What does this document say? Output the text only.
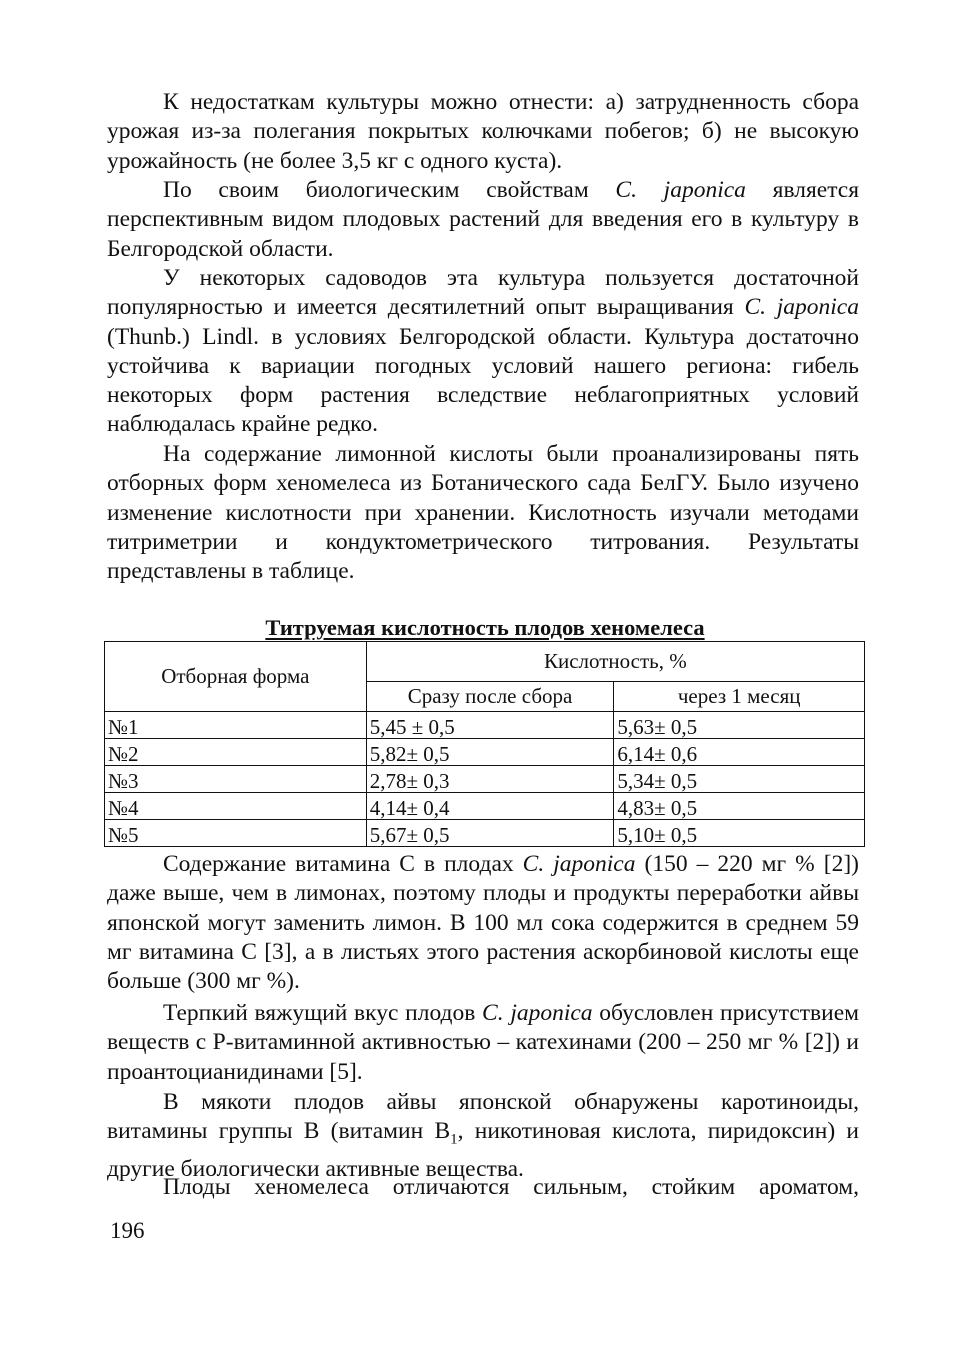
К недостаткам культуры можно отнести: а) затрудненность сбора урожая из-за полегания покрытых колючками побегов; б) не высокую урожайность (не более 3,5 кг с одного куста).

По своим биологическим свойствам C. japonica является перспективным видом плодовых растений для введения его в культуру в Белгородской области.

У некоторых садоводов эта культура пользуется достаточной популярностью и имеется десятилетний опыт выращивания C. japonica (Thunb.) Lindl. в условиях Белгородской области. Культура достаточно устойчива к вариации погодных условий нашего региона: гибель некоторых форм растения вследствие неблагоприятных условий наблюдалась крайне редко.

На содержание лимонной кислоты были проанализированы пять отборных форм хеномелеса из Ботанического сада БелГУ. Было изучено изменение кислотности при хранении. Кислотность изучали методами титриметрии и кондуктометрического титрования. Результаты представлены в таблице.

Титруемая кислотность плодов хеномелеса
Отборная форма	Кислотность, %	
	Сразу после сбора	через 1 месяц
№1	5,45 ± 0,5	5,63± 0,5
№2	5,82± 0,5	6,14± 0,6
№3	2,78± 0,3	5,34± 0,5
№4	4,14± 0,4	4,83± 0,5
№5	5,67± 0,5	5,10± 0,5

Содержание витамина С в плодах C. japonica (150 – 220 мг % [2]) даже выше, чем в лимонах, поэтому плоды и продукты переработки айвы японской могут заменить лимон. В 100 мл сока содержится в среднем 59 мг витамина С [3], а в листьях этого растения аскорбиновой кислоты еще больше (300 мг %).

Терпкий вяжущий вкус плодов C. japonica обусловлен присутствием веществ с Р-витаминной активностью – катехинами (200 – 250 мг % [2]) и проантоцианидинами [5].

В мякоти плодов айвы японской обнаружены каротиноиды, витамины группы В (витамин $В_1$, никотиновая кислота, пиридоксин) и другие биологически активные вещества.

Плоды хеномелеса отличаются сильным, стойким ароматом,

196
